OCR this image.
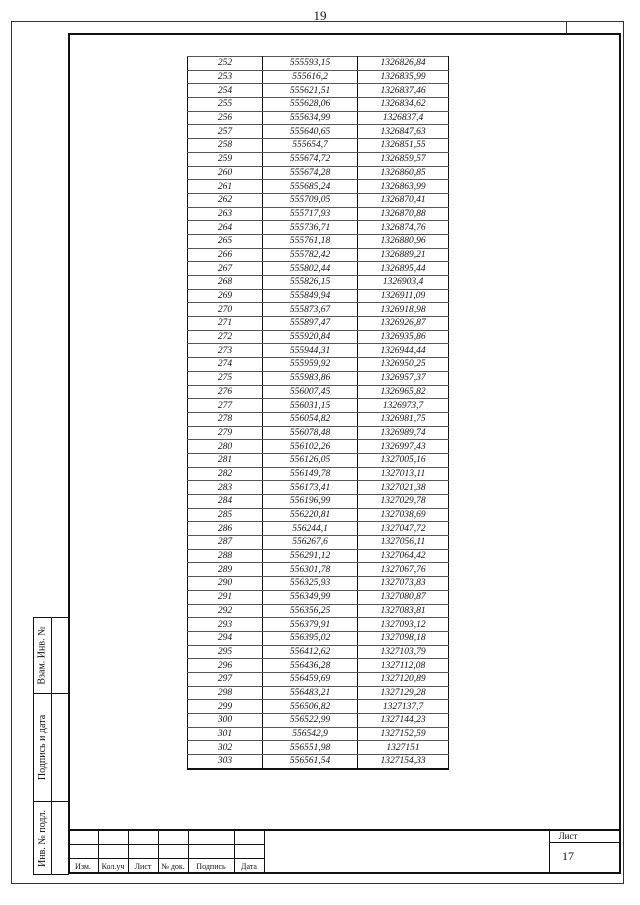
19
252	555593,15	1326826,84
253	555616,2	1326835,99
254	555621,51	1326837,46
255	555628,06	1326834,62
256	555634,99	1326837,4
257	555640,65	1326847,63
258	555654,7	1326851,55
259	555674,72	1326859,57
260	555674,28	1326860,85
261	555685,24	1326863,99
262	555709,05	1326870,41
263	555717,93	1326870,88
264	555736,71	1326874,76
265	555761,18	1326880,96
266	555782,42	1326889,21
267	555802,44	1326895,44
268	555826,15	1326903,4
269	555849,94	1326911,09
270	555873,67	1326918,98
271	555897,47	1326926,87
272	555920,84	1326935,86
273	555944,31	1326944,44
274	555959,92	1326950,25
275	555983,86	1326957,37
276	556007,45	1326965,82
277	556031,15	1326973,7
278	556054,82	1326981,75
279	556078,48	1326989,74
280	556102,26	1326997,43
281	556126,05	1327005,16
282	556149,78	1327013,11
283	556173,41	1327021,38
284	556196,99	1327029,78
285	556220,81	1327038,69
286	556244,1	1327047,72
287	556267,6	1327056,11
288	556291,12	1327064,42
289	556301,78	1327067,76
290	556325,93	1327073,83
291	556349,99	1327080,87
292	556356,25	1327083,81
293	556379,91	1327093,12
294	556395,02	1327098,18
295	556412,62	1327103,79
296	556436,28	1327112,08
297	556459,69	1327120,89
298	556483,21	1327129,28
299	556506,82	1327137,7
300	556522,99	1327144,23
301	556542,9	1327152,59
302	556551,98	1327151
303	556561,54	1327154,33
Взам. Инв. №
Подпись и дата
Инв. № подл.	Изм.	Кол.уч	Лист	№ док.	Подпись	Дата
Лист
17
